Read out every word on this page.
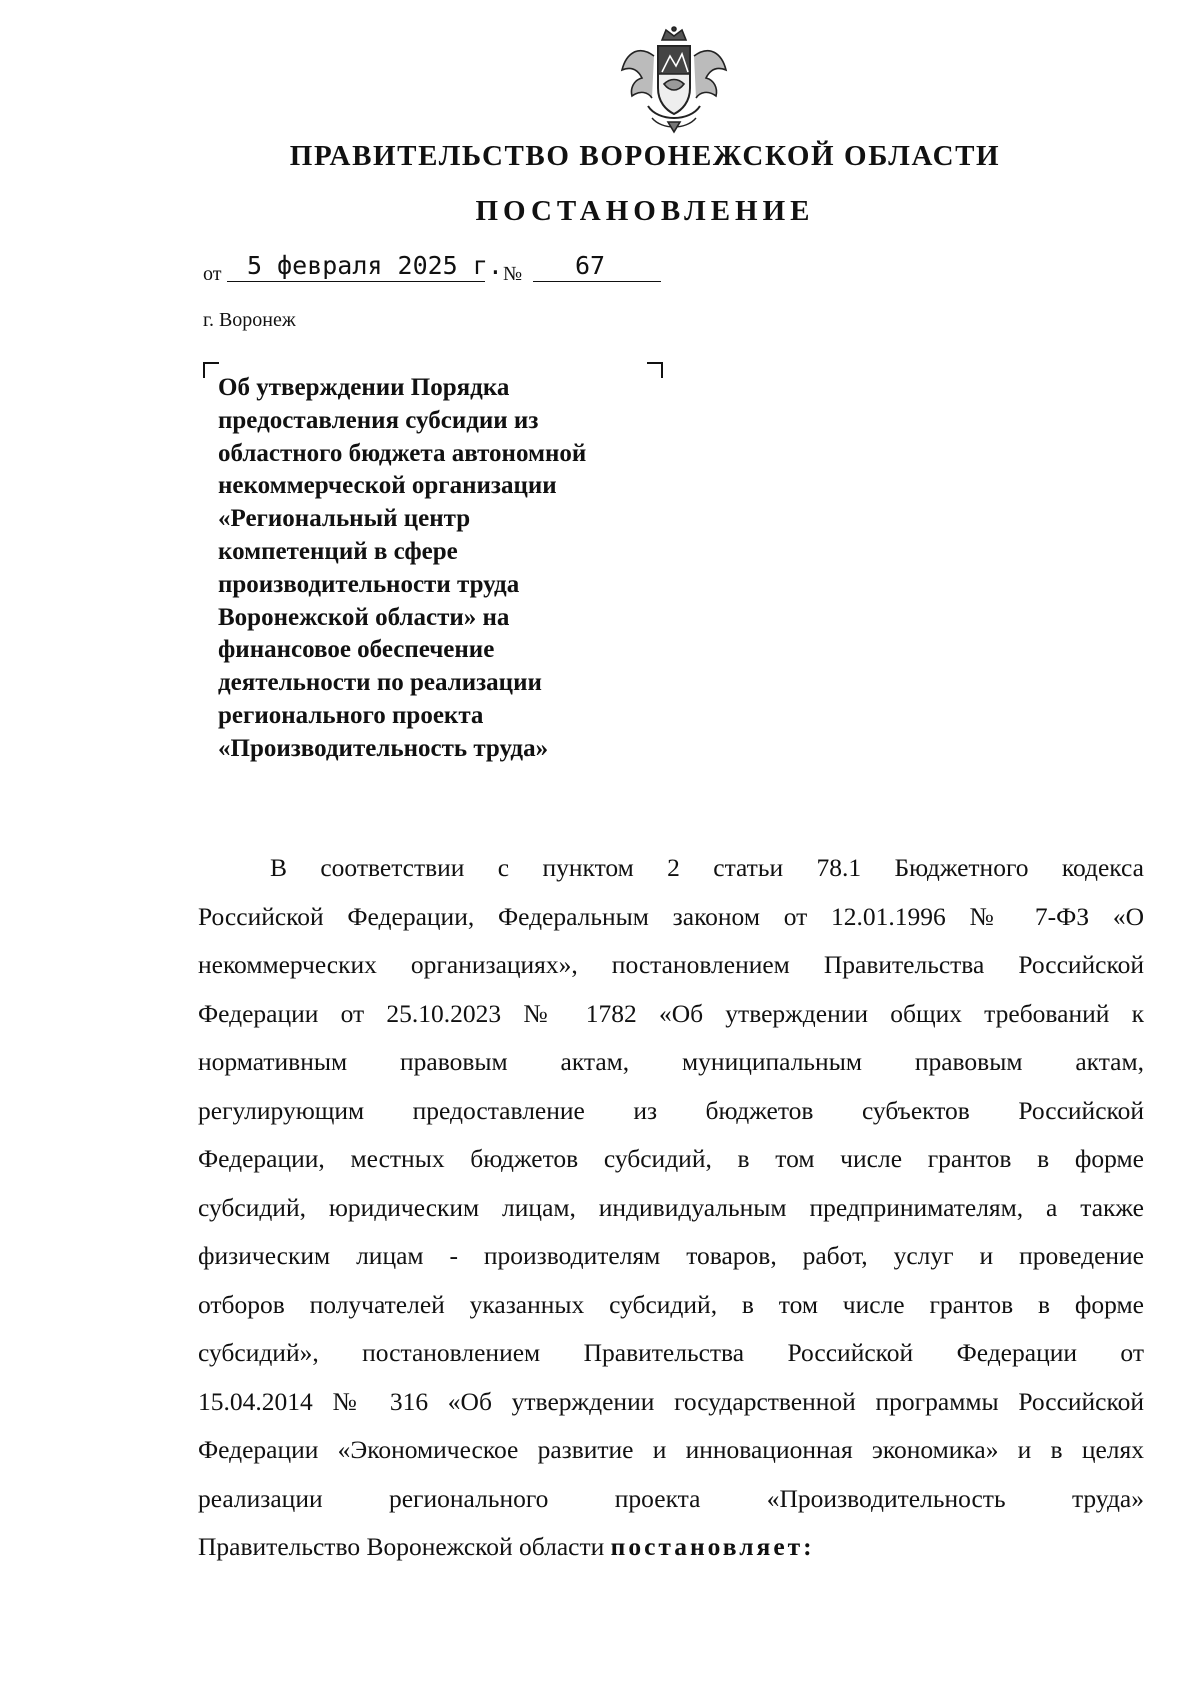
ПРАВИТЕЛЬСТВО ВОРОНЕЖСКОЙ ОБЛАСТИ
ПОСТАНОВЛЕНИЕ
от 5 февраля 2025 г. № 67
г. Воронеж
Об утверждении Порядка
предоставления субсидии из
областного бюджета автономной
некоммерческой организации
«Региональный центр
компетенций в сфере
производительности труда
Воронежской области» на
финансовое обеспечение
деятельности по реализации
регионального проекта
«Производительность труда»
В соответствии с пунктом 2 статьи 78.1 Бюджетного кодекса
Российской Федерации, Федеральным законом от 12.01.1996 № 7-ФЗ «О
некоммерческих организациях», постановлением Правительства Российской
Федерации от 25.10.2023 № 1782 «Об утверждении общих требований к
нормативным правовым актам, муниципальным правовым актам,
регулирующим предоставление из бюджетов субъектов Российской
Федерации, местных бюджетов субсидий, в том числе грантов в форме
субсидий, юридическим лицам, индивидуальным предпринимателям, а также
физическим лицам - производителям товаров, работ, услуг и проведение
отборов получателей указанных субсидий, в том числе грантов в форме
субсидий», постановлением Правительства Российской Федерации от
15.04.2014 № 316 «Об утверждении государственной программы Российской
Федерации «Экономическое развитие и инновационная экономика» и в целях
реализации регионального проекта «Производительность труда»
Правительство Воронежской области постановляет:
